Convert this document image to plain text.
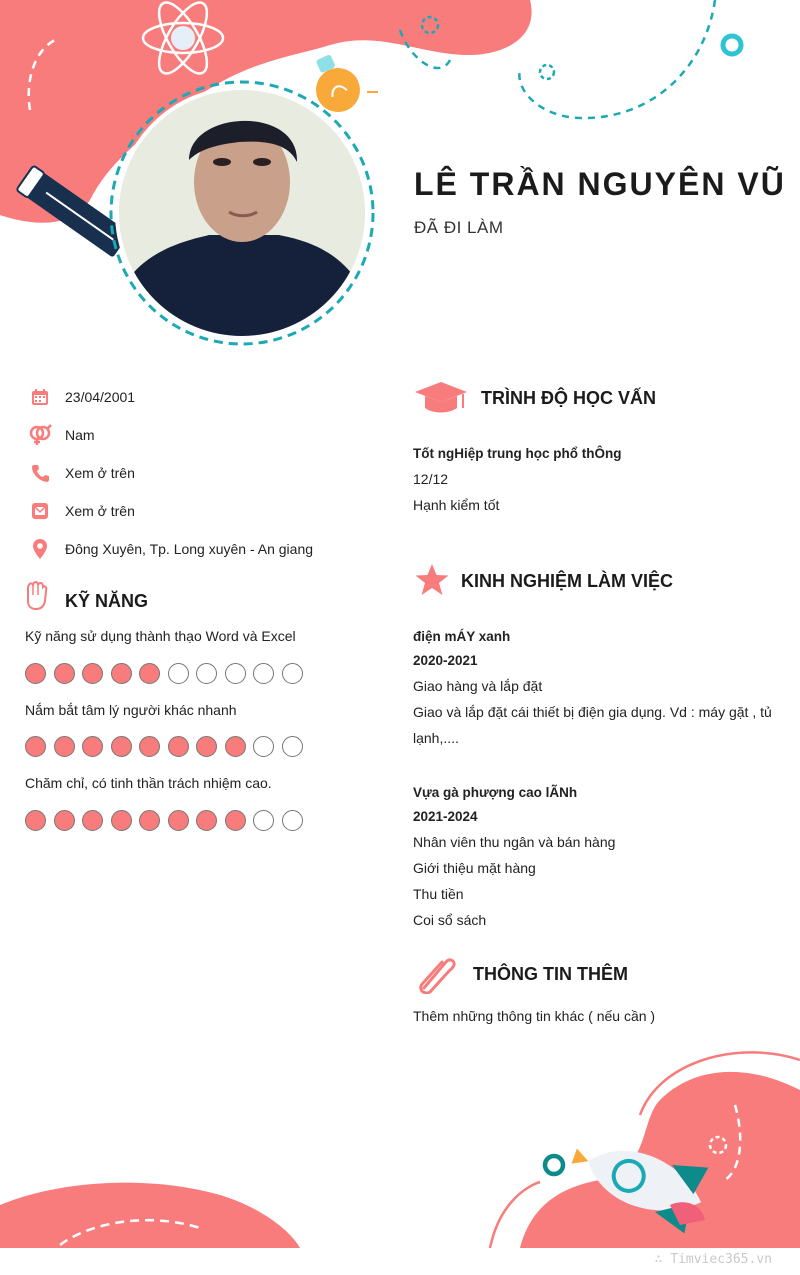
LÊ TRẦN NGUYÊN VŨ
ĐÃ ĐI LÀM
23/04/2001
Nam
Xem ở trên
Xem ở trên
Đông Xuyên, Tp. Long xuyên - An giang
KỸ NĂNG
Kỹ năng sử dụng thành thạo Word và Excel
Nắm bắt tâm lý người khác nhanh
Chăm chỉ, có tinh thần trách nhiệm cao.
TRÌNH ĐỘ HỌC VẤN
Tốt ngHiệp trung học phổ thÔng
12/12
Hạnh kiểm tốt
KINH NGHIỆM LÀM VIỆC
điện mÁY xanh
2020-2021
Giao hàng và lắp đặt
Giao và lắp đặt cái thiết bị điện gia dụng. Vd : máy gặt , tủ lạnh,....
Vựa gà phượng cao lÃNh
2021-2024
Nhân viên thu ngân và bán hàng
Giới thiệu mặt hàng
Thu tiền
Coi sổ sách
THÔNG TIN THÊM
Thêm những thông tin khác ( nếu cần )
∴ Timviec365.vn
